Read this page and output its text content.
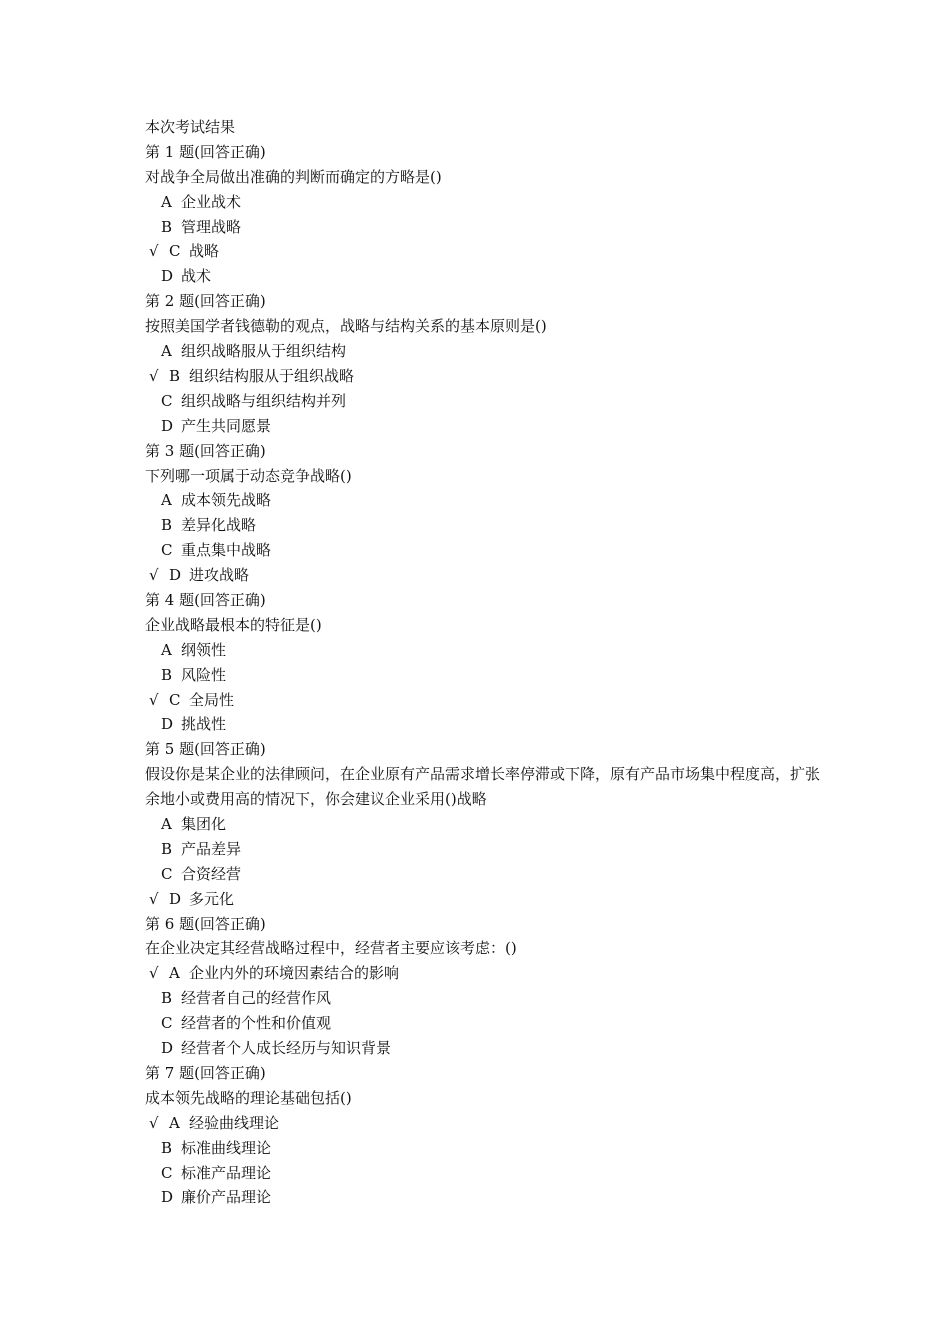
本次考试结果
第 1 题(回答正确)
对战争全局做出准确的判断而确定的方略是()
A 企业战术
B 管理战略
√ C 战略
D 战术
第 2 题(回答正确)
按照美国学者钱德勒的观点，战略与结构关系的基本原则是()
A 组织战略服从于组织结构
√ B 组织结构服从于组织战略
C 组织战略与组织结构并列
D 产生共同愿景
第 3 题(回答正确)
下列哪一项属于动态竞争战略()
A 成本领先战略
B 差异化战略
C 重点集中战略
√ D 进攻战略
第 4 题(回答正确)
企业战略最根本的特征是()
A 纲领性
B 风险性
√ C 全局性
D 挑战性
第 5 题(回答正确)
假设你是某企业的法律顾问，在企业原有产品需求增长率停滞或下降，原有产品市场集中程度高，扩张余地小或费用高的情况下，你会建议企业采用()战略
A 集团化
B 产品差异
C 合资经营
√ D 多元化
第 6 题(回答正确)
在企业决定其经营战略过程中，经营者主要应该考虑：()
√ A 企业内外的环境因素结合的影响
B 经营者自己的经营作风
C 经营者的个性和价值观
D 经营者个人成长经历与知识背景
第 7 题(回答正确)
成本领先战略的理论基础包括()
√ A 经验曲线理论
B 标准曲线理论
C 标准产品理论
D 廉价产品理论
